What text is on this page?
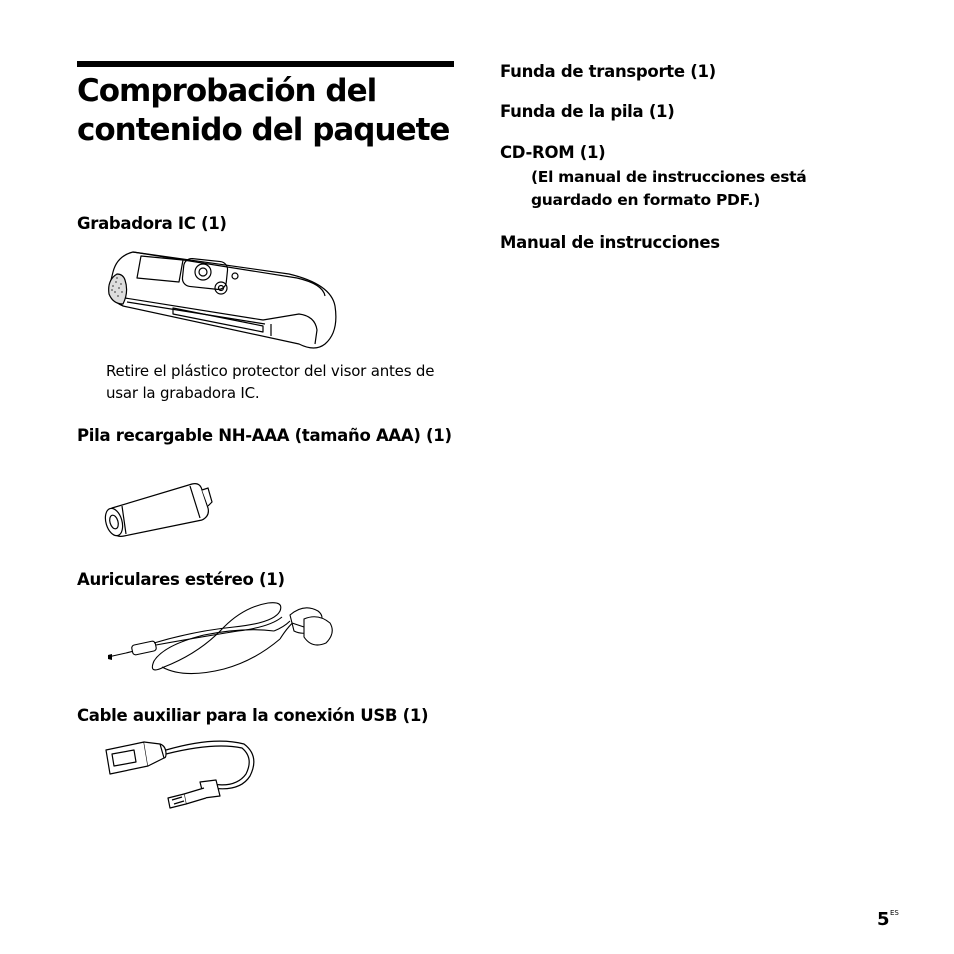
Comprobación del contenido del paquete

Grabadora IC (1)

Retire el plástico protector del visor antes de usar la grabadora IC.

Pila recargable NH-AAA (tamaño AAA) (1)

Auriculares estéreo (1)

Cable auxiliar para la conexión USB (1)

Funda de transporte (1)

Funda de la pila (1)

CD-ROM (1)

(El manual de instrucciones está guardado en formato PDF.)

Manual de instrucciones

5 ES
